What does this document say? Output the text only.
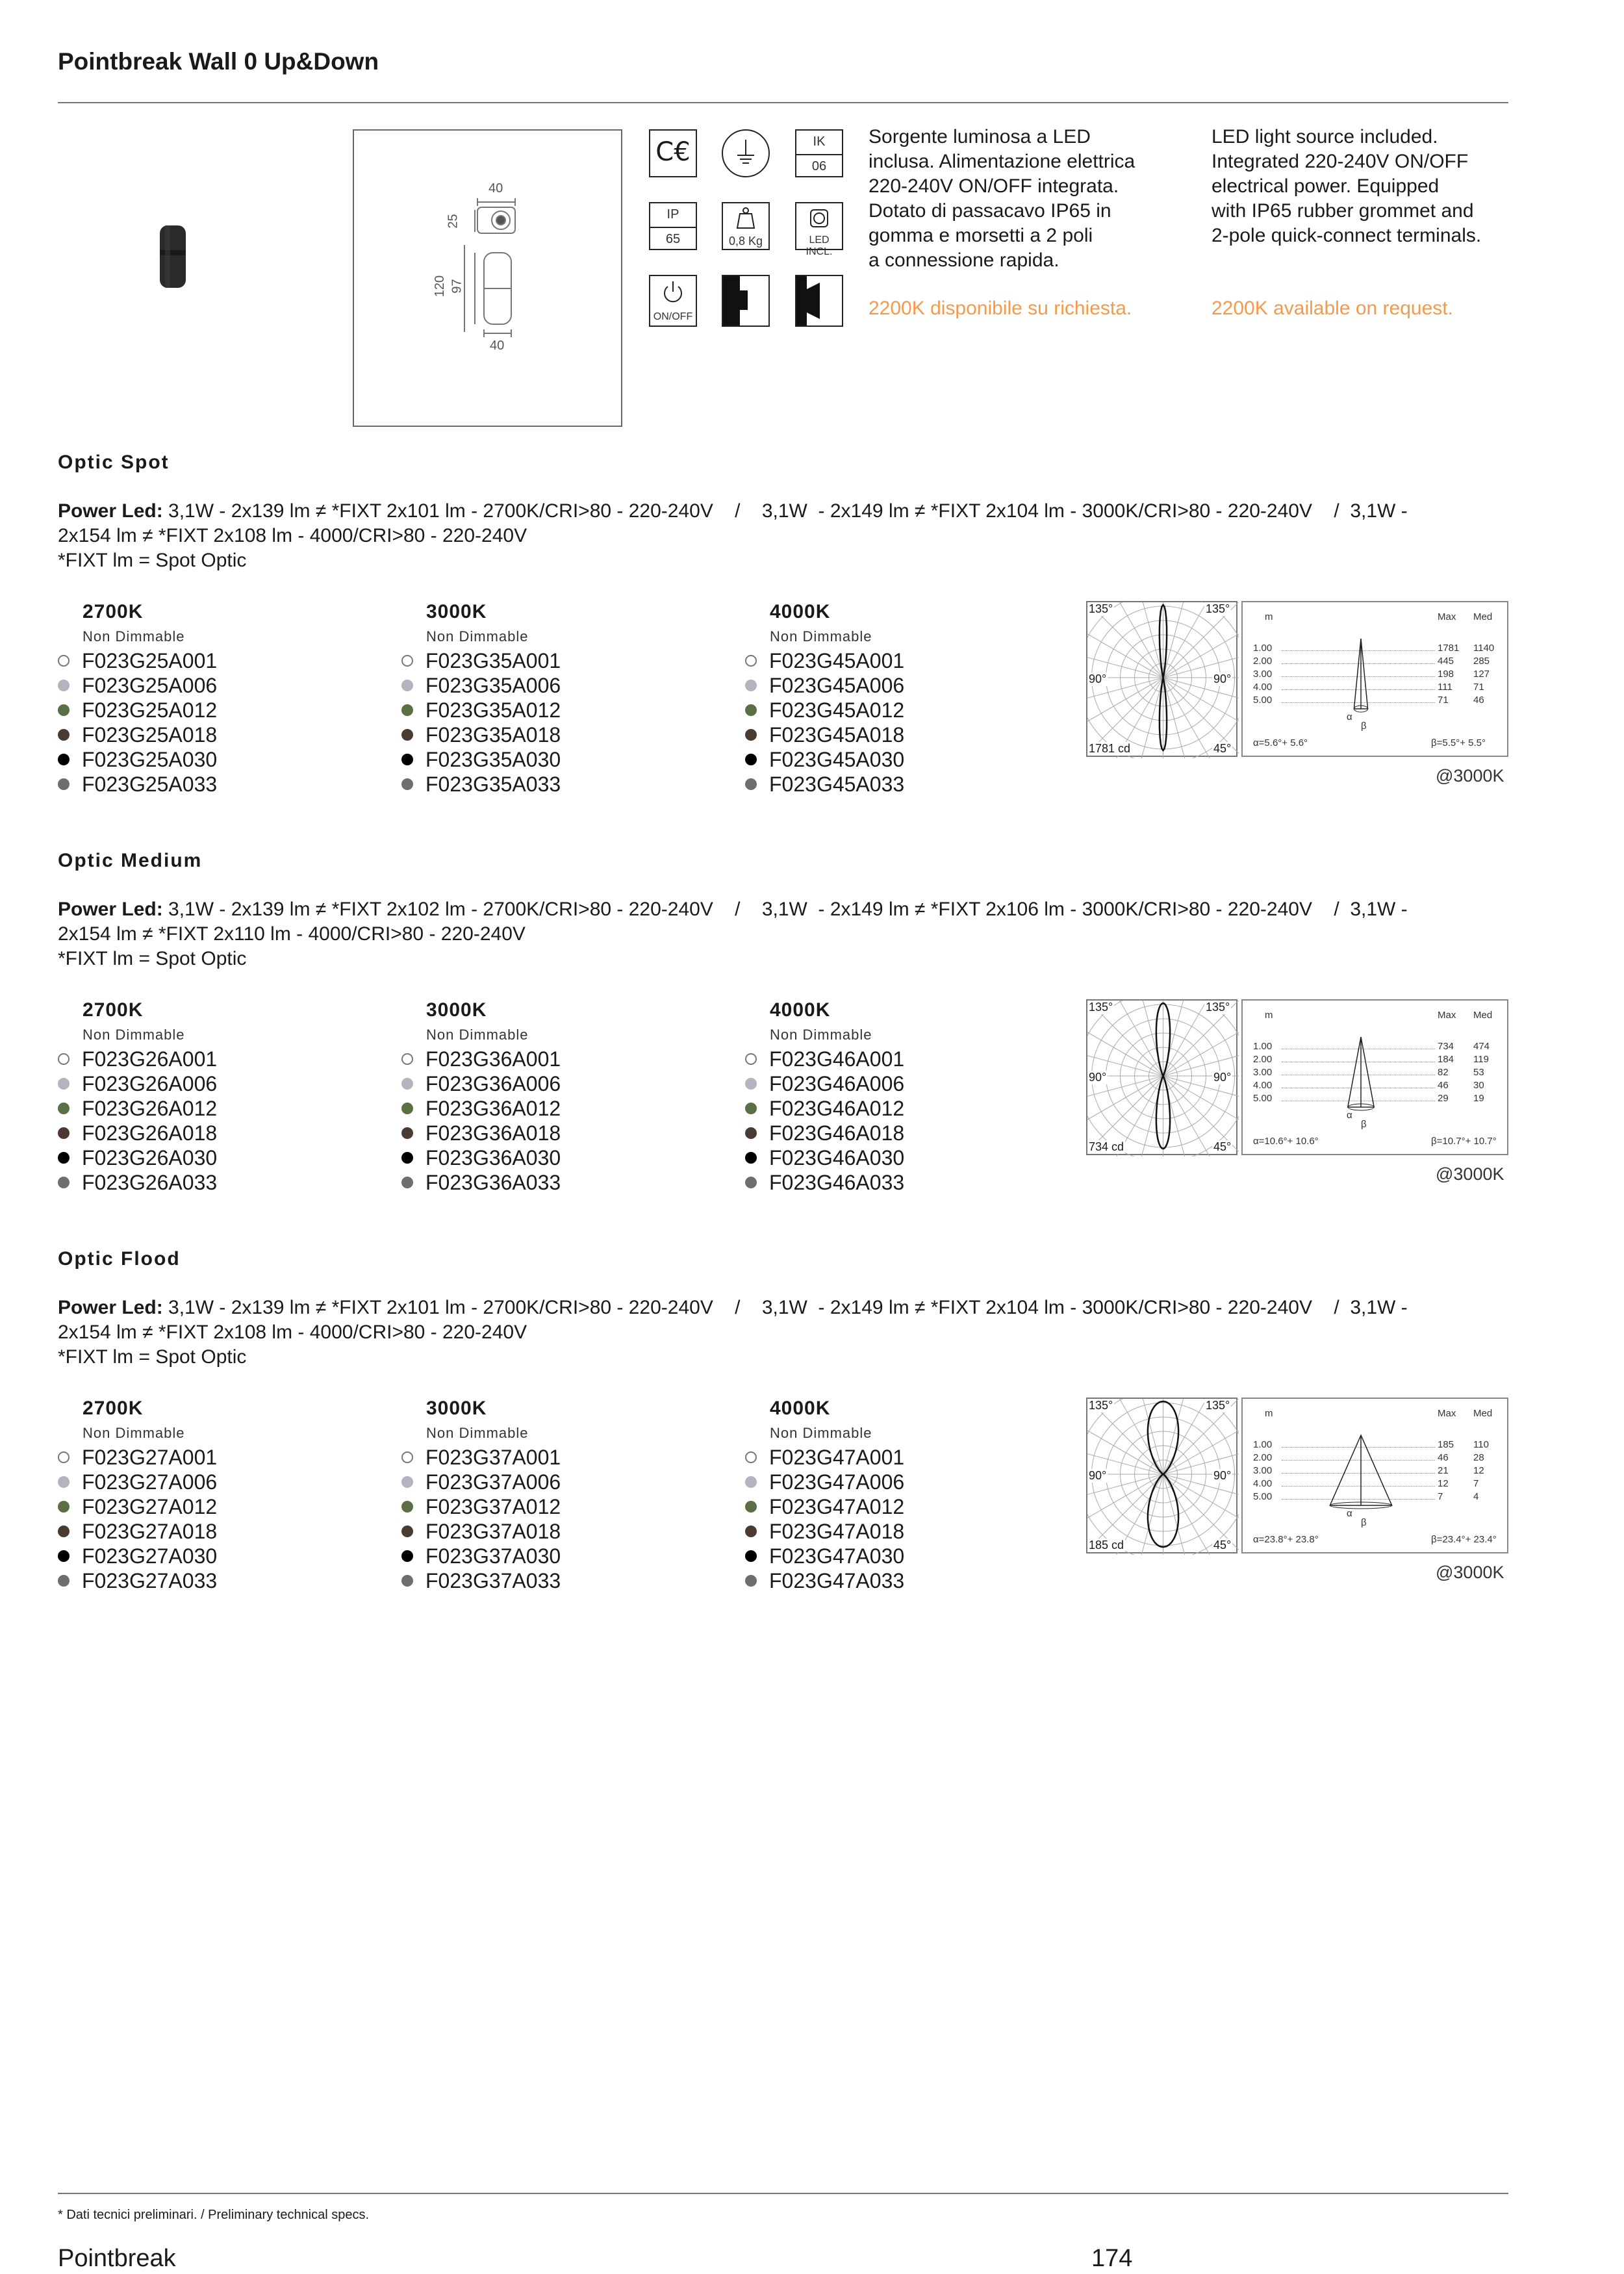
Pointbreak Wall 0 Up&Down
40
25
120 97
40
C€	IK
06
IP
65	0,8 Kg	LED INCL.
ON/OFF
Sorgente luminosa a LED
inclusa. Alimentazione elettrica
220-240V ON/OFF integrata.
Dotato di passacavo IP65 in
gomma e morsetti a 2 poli
a connessione rapida.
LED light source included.
Integrated 220-240V ON/OFF
electrical power. Equipped
with IP65 rubber grommet and
2-pole quick-connect terminals.
2200K disponibile su richiesta.	2200K available on request.
Optic Spot
Power Led: 3,1W - 2x139 lm ≠ *FIXT 2x101 lm - 2700K/CRI>80 - 220-240V    /    3,1W  - 2x149 lm ≠ *FIXT 2x104 lm - 3000K/CRI>80 - 220-240V    /  3,1W -
2x154 lm ≠ *FIXT 2x108 lm - 4000/CRI>80 - 220-240V
*FIXT lm = Spot Optic
2700K
Non Dimmable
F023G25A001
F023G25A006
F023G25A012
F023G25A018
F023G25A030
F023G25A033
3000K
Non Dimmable
F023G35A001
F023G35A006
F023G35A012
F023G35A018
F023G35A030
F023G35A033
4000K
Non Dimmable
F023G45A001
F023G45A006
F023G45A012
F023G45A018
F023G45A030
F023G45A033
135°	135°
90°	90°
1781 cd	45°
m	Max Med
1.00	1781 1140
2.00	445 285
3.00	198 127
4.00	111 71
5.00	71	46
α
β
α=5.6°+ 5.6°	β=5.5°+ 5.5°
@3000K
Optic Medium
Power Led: 3,1W - 2x139 lm ≠ *FIXT 2x102 lm - 2700K/CRI>80 - 220-240V    /    3,1W  - 2x149 lm ≠ *FIXT 2x106 lm - 3000K/CRI>80 - 220-240V    /  3,1W -
2x154 lm ≠ *FIXT 2x110 lm - 4000/CRI>80 - 220-240V
*FIXT lm = Spot Optic
2700K
Non Dimmable
F023G26A001
F023G26A006
F023G26A012
F023G26A018
F023G26A030
F023G26A033
3000K
Non Dimmable
F023G36A001
F023G36A006
F023G36A012
F023G36A018
F023G36A030
F023G36A033
4000K
Non Dimmable
F023G46A001
F023G46A006
F023G46A012
F023G46A018
F023G46A030
F023G46A033
135°	135°
90°	90°
734 cd	45°
m	Max Med
1.00	734 474
2.00	184 119
3.00	82	53
4.00	46	30
5.00	29	19
α
β
α=10.6°+ 10.6°	β=10.7°+ 10.7°
@3000K
Optic Flood
Power Led: 3,1W - 2x139 lm ≠ *FIXT 2x101 lm - 2700K/CRI>80 - 220-240V    /    3,1W  - 2x149 lm ≠ *FIXT 2x104 lm - 3000K/CRI>80 - 220-240V    /  3,1W -
2x154 lm ≠ *FIXT 2x108 lm - 4000/CRI>80 - 220-240V
*FIXT lm = Spot Optic
2700K
Non Dimmable
F023G27A001
F023G27A006
F023G27A012
F023G27A018
F023G27A030
F023G27A033
3000K
Non Dimmable
F023G37A001
F023G37A006
F023G37A012
F023G37A018
F023G37A030
F023G37A033
4000K
Non Dimmable
F023G47A001
F023G47A006
F023G47A012
F023G47A018
F023G47A030
F023G47A033
135°	135°
90°	90°
185 cd	45°
m	Max Med
1.00	185 110
2.00	46	28
3.00	21	12
4.00	12	7
5.00	7	4
α
β
α=23.8°+ 23.8°	β=23.4°+ 23.4°
@3000K
* Dati tecnici preliminari. / Preliminary technical specs.
Pointbreak	174
